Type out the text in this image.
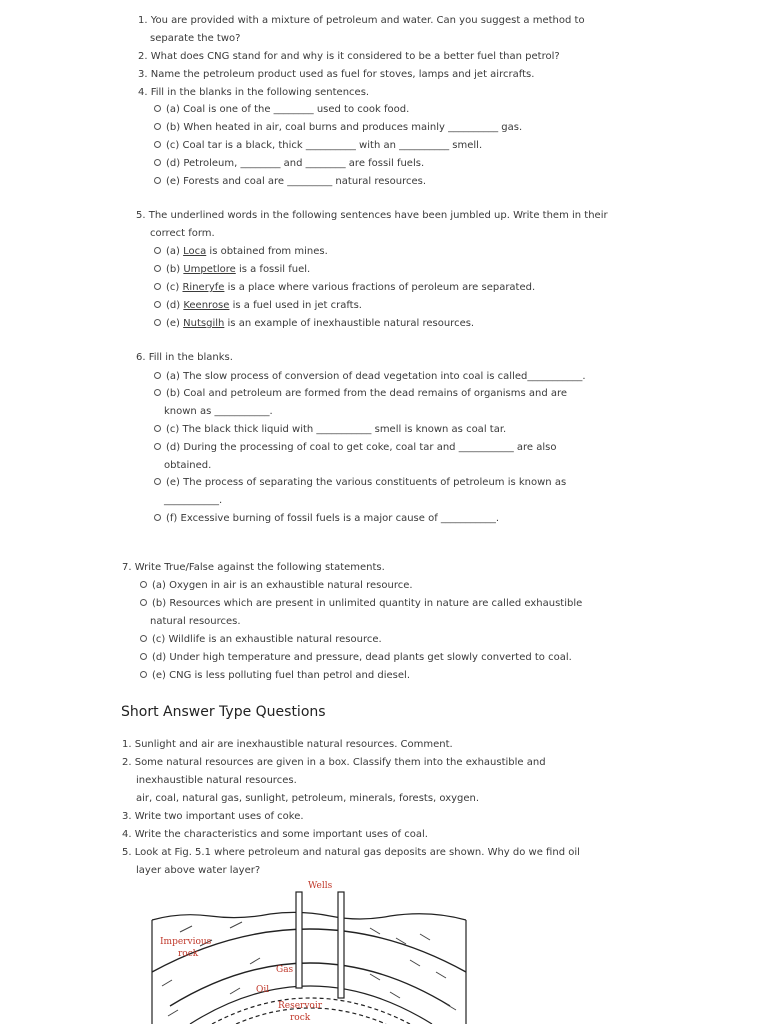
1. You are provided with a mixture of petroleum and water. Can you suggest a method to
separate the two?
2. What does CNG stand for and why is it considered to be a better fuel than petrol?
3. Name the petroleum product used as fuel for stoves, lamps and jet aircrafts.
4. Fill in the blanks in the following sentences.
(a) Coal is one of the ________ used to cook food.
(b) When heated in air, coal burns and produces mainly __________ gas.
(c) Coal tar is a black, thick __________ with an __________ smell.
(d) Petroleum, ________ and ________ are fossil fuels.
(e) Forests and coal are _________ natural resources.
5. The underlined words in the following sentences have been jumbled up. Write them in their
correct form.
(a) Loca is obtained from mines.
(b) Umpetlore is a fossil fuel.
(c) Rineryfe is a place where various fractions of peroleum are separated.
(d) Keenrose is a fuel used in jet crafts.
(e) Nutsgilh is an example of inexhaustible natural resources.
6. Fill in the blanks.
(a) The slow process of conversion of dead vegetation into coal is called___________.
(b) Coal and petroleum are formed from the dead remains of organisms and are
known as ___________.
(c) The black thick liquid with ___________ smell is known as coal tar.
(d) During the processing of coal to get coke, coal tar and ___________ are also
obtained.
(e) The process of separating the various constituents of petroleum is known as
___________.
(f) Excessive burning of fossil fuels is a major cause of ___________.
7. Write True/False against the following statements.
(a) Oxygen in air is an exhaustible natural resource.
(b) Resources which are present in unlimited quantity in nature are called exhaustible
natural resources.
(c) Wildlife is an exhaustible natural resource.
(d) Under high temperature and pressure, dead plants get slowly converted to coal.
(e) CNG is less polluting fuel than petrol and diesel.
Short Answer Type Questions
1. Sunlight and air are inexhaustible natural resources. Comment.
2. Some natural resources are given in a box. Classify them into the exhaustible and
inexhaustible natural resources.
air, coal, natural gas, sunlight, petroleum, minerals, forests, oxygen.
3. Write two important uses of coke.
4. Write the characteristics and some important uses of coal.
5. Look at Fig. 5.1 where petroleum and natural gas deposits are shown. Why do we find oil
layer above water layer?
Wells
Impervious
rock
Gas
Oil
Reservoir
rock
